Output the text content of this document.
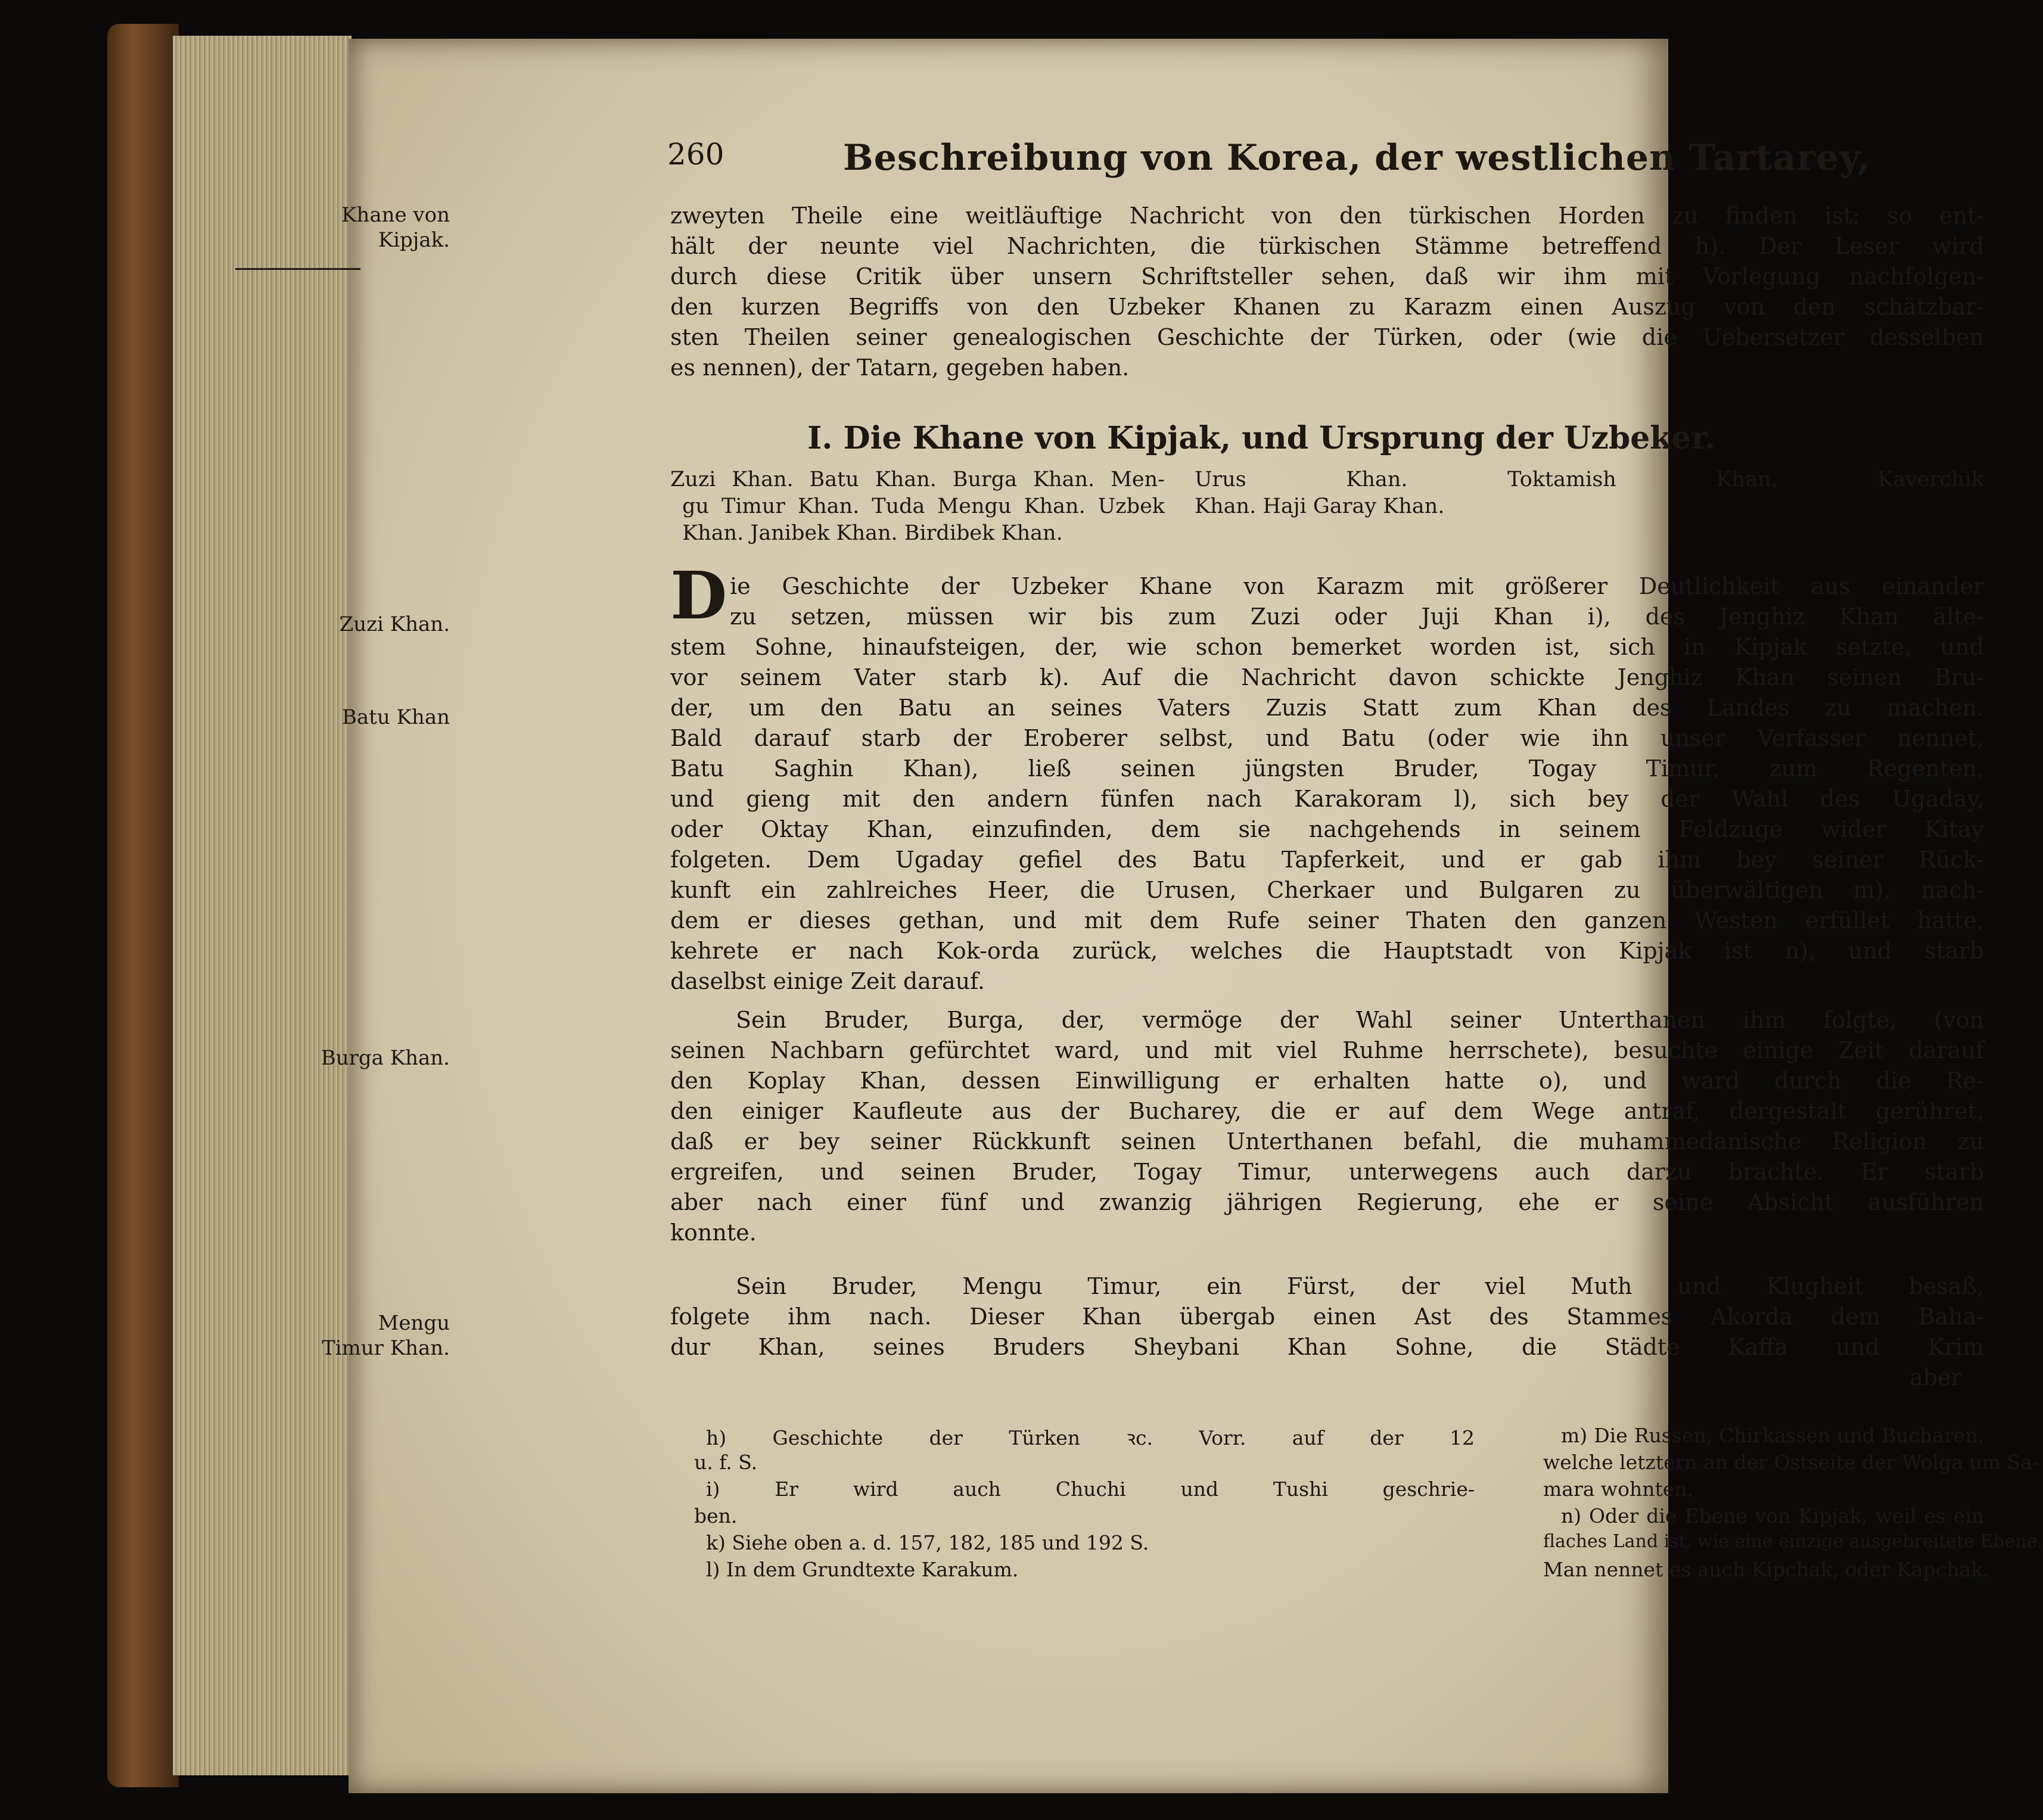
260	Beschreibung von Korea, der westlichen Tartarey,
Khane von
Kipjak.
Zuzi Khan.
Batu Khan
Burga Khan.
Mengu
Timur Khan.
zweyten Theile eine weitläuftige Nachricht von den türkischen Horden zu finden ist: so ent-
hält der neunte viel Nachrichten, die türkischen Stämme betreffend h). Der Leser wird
durch diese Critik über unsern Schriftsteller sehen, daß wir ihm mit Vorlegung nachfolgen-
den kurzen Begriffs von den Uzbeker Khanen zu Karazm einen Auszug von den schätzbar-
sten Theilen seiner genealogischen Geschichte der Türken, oder (wie die Uebersetzer desselben
es nennen), der Tatarn, gegeben haben.
I. Die Khane von Kipjak, und Ursprung der Uzbeker.
Zuzi Khan. Batu Khan. Burga Khan. Men-
gu Timur Khan. Tuda Mengu Khan. Uzbek
Khan. Janibek Khan. Birdibek Khan.
Urus Khan. Toktamish Khan. Kaverchik
Khan. Haji Garay Khan.
D ie Geschichte der Uzbeker Khane von Karazm mit größerer Deutlichkeit aus einander
zu setzen, müssen wir bis zum Zuzi oder Juji Khan i), des Jenghiz Khan älte-
stem Sohne, hinaufsteigen, der, wie schon bemerket worden ist, sich in Kipjak setzte, und
vor seinem Vater starb k). Auf die Nachricht davon schickte Jenghiz Khan seinen Bru-
der, um den Batu an seines Vaters Zuzis Statt zum Khan des Landes zu machen.
Bald darauf starb der Eroberer selbst, und Batu (oder wie ihn unser Verfasser nennet,
Batu Saghin Khan), ließ seinen jüngsten Bruder, Togay Timur, zum Regenten,
und gieng mit den andern fünfen nach Karakoram l), sich bey der Wahl des Ugaday,
oder Oktay Khan, einzufinden, dem sie nachgehends in seinem Feldzuge wider Kitay
folgeten. Dem Ugaday gefiel des Batu Tapferkeit, und er gab ihm bey seiner Rück-
kunft ein zahlreiches Heer, die Urusen, Cherkaer und Bulgaren zu überwältigen m), nach-
dem er dieses gethan, und mit dem Rufe seiner Thaten den ganzen Westen erfüllet hatte,
kehrete er nach Kok-orda zurück, welches die Hauptstadt von Kipjak ist n), und starb
daselbst einige Zeit darauf.
Sein Bruder, Burga, der, vermöge der Wahl seiner Unterthanen ihm folgte, (von
seinen Nachbarn gefürchtet ward, und mit viel Ruhme herrschete), besuchte einige Zeit darauf
den Koplay Khan, dessen Einwilligung er erhalten hatte o), und ward durch die Re-
den einiger Kaufleute aus der Bucharey, die er auf dem Wege antraf, dergestalt gerühret,
daß er bey seiner Rückkunft seinen Unterthanen befahl, die muhammedanische Religion zu
ergreifen, und seinen Bruder, Togay Timur, unterwegens auch darzu brachte. Er starb
aber nach einer fünf und zwanzig jährigen Regierung, ehe er seine Absicht ausführen
konnte.
Sein Bruder, Mengu Timur, ein Fürst, der viel Muth und Klugheit besaß,
folgete ihm nach. Dieser Khan übergab einen Ast des Stammes Akorda dem Baha-
dur Khan, seines Bruders Sheybani Khan Sohne, die Städte Kaffa und Krim
aber
h) Geschichte der Türken ꝛc. Vorr. auf der 12
u. f. S.
i) Er wird auch Chuchi und Tushi geschrie-
ben.
k) Siehe oben a. d. 157, 182, 185 und 192 S.
l) In dem Grundtexte Karakum.
m) Die Russen, Chirkassen und Bucharen,
welche letztern an der Ostseite der Wolga um Sa-
mara wohnten.
n) Oder die Ebene von Kipjak, weil es ein
flaches Land ist, wie eine einzige ausgebreitete Ebene.
Man nennet es auch Kipchak, oder Kapchak.
